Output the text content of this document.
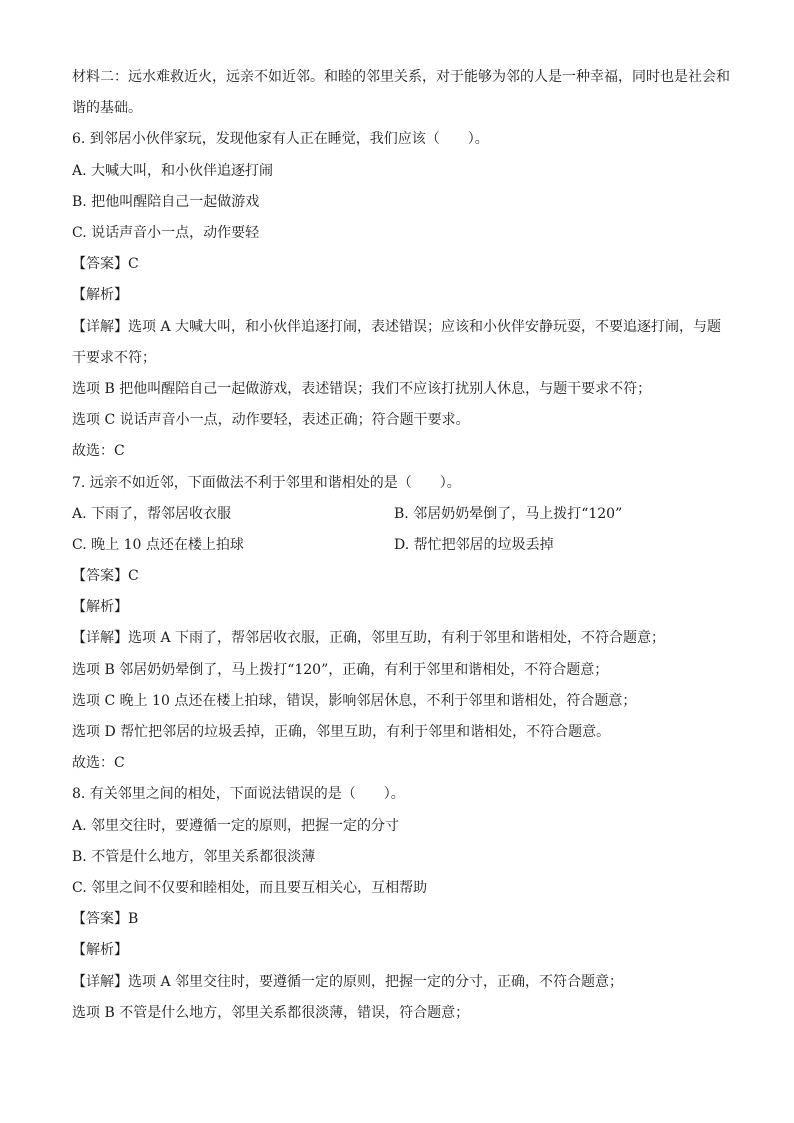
材料二：远水难救近火，远亲不如近邻。和睦的邻里关系，对于能够为邻的人是一种幸福，同时也是社会和谐的基础。
6. 到邻居小伙伴家玩，发现他家有人正在睡觉，我们应该（　　）。
A. 大喊大叫，和小伙伴追逐打闹
B. 把他叫醒陪自己一起做游戏
C. 说话声音小一点，动作要轻
【答案】C
【解析】
【详解】选项 A 大喊大叫，和小伙伴追逐打闹，表述错误；应该和小伙伴安静玩耍，不要追逐打闹，与题干要求不符；
选项 B 把他叫醒陪自己一起做游戏，表述错误；我们不应该打扰别人休息，与题干要求不符；
选项 C 说话声音小一点，动作要轻，表述正确；符合题干要求。
故选：C
7. 远亲不如近邻，下面做法不利于邻里和谐相处的是（　　）。
A. 下雨了，帮邻居收衣服	B. 邻居奶奶晕倒了，马上拨打“120”
C. 晚上 10 点还在楼上拍球	D. 帮忙把邻居的垃圾丢掉
【答案】C
【解析】
【详解】选项 A 下雨了，帮邻居收衣服，正确，邻里互助，有利于邻里和谐相处，不符合题意；
选项 B 邻居奶奶晕倒了，马上拨打“120”，正确，有利于邻里和谐相处，不符合题意；
选项 C 晚上 10 点还在楼上拍球，错误，影响邻居休息，不利于邻里和谐相处，符合题意；
选项 D 帮忙把邻居的垃圾丢掉，正确，邻里互助，有利于邻里和谐相处，不符合题意。
故选：C
8. 有关邻里之间的相处，下面说法错误的是（　　）。
A. 邻里交往时，要遵循一定的原则，把握一定的分寸
B. 不管是什么地方，邻里关系都很淡薄
C. 邻里之间不仅要和睦相处，而且要互相关心，互相帮助
【答案】B
【解析】
【详解】选项 A 邻里交往时，要遵循一定的原则，把握一定的分寸，正确，不符合题意；
选项 B 不管是什么地方，邻里关系都很淡薄，错误，符合题意；
